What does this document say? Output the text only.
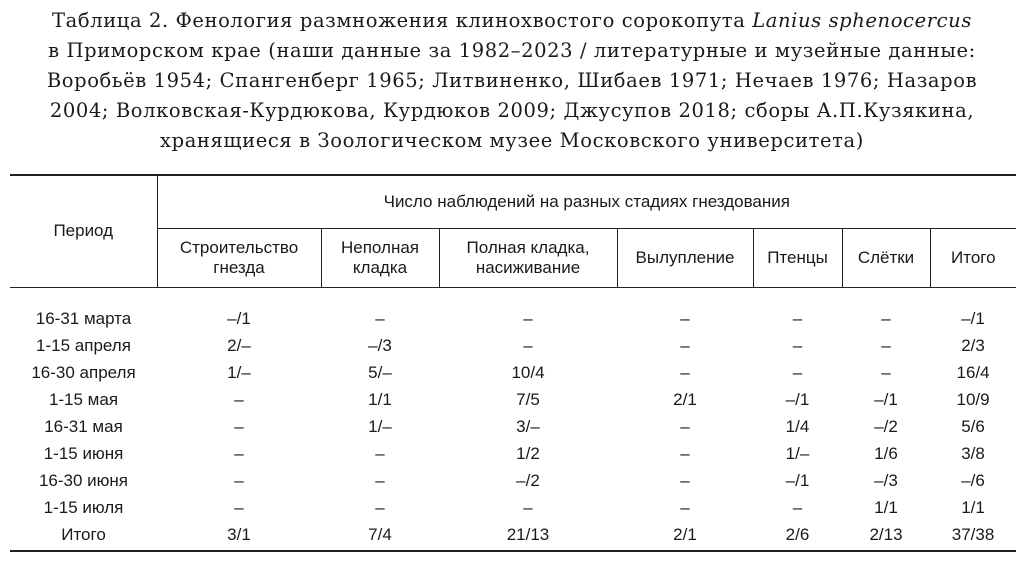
Таблица 2. Фенология размножения клинохвостого сорокопута Lanius sphenocercus
в Приморском крае (наши данные за 1982–2023 / литературные и музейные данные:
Воробьёв 1954; Спангенберг 1965; Литвиненко, Шибаев 1971; Нечаев 1976; Назаров
2004; Волковская-Курдюкова, Курдюков 2009; Джусупов 2018; сборы А.П.Кузякина,
хранящиеся в Зоологическом музее Московского университета)
Период	Число наблюдений на разных стадиях гнездования						
	Строительство гнезда	Неполная кладка	Полная кладка, насиживание	Вылупление	Птенцы	Слётки	Итого
16-31 марта	–/1	–	–	–	–	–	–/1
1-15 апреля	2/–	–/3	–	–	–	–	2/3
16-30 апреля	1/–	5/–	10/4	–	–	–	16/4
1-15 мая	–	1/1	7/5	2/1	–/1	–/1	10/9
16-31 мая	–	1/–	3/–	–	1/4	–/2	5/6
1-15 июня	–	–	1/2	–	1/–	1/6	3/8
16-30 июня	–	–	–/2	–	–/1	–/3	–/6
1-15 июля	–	–	–	–	–	1/1	1/1
Итого	3/1	7/4	21/13	2/1	2/6	2/13	37/38
